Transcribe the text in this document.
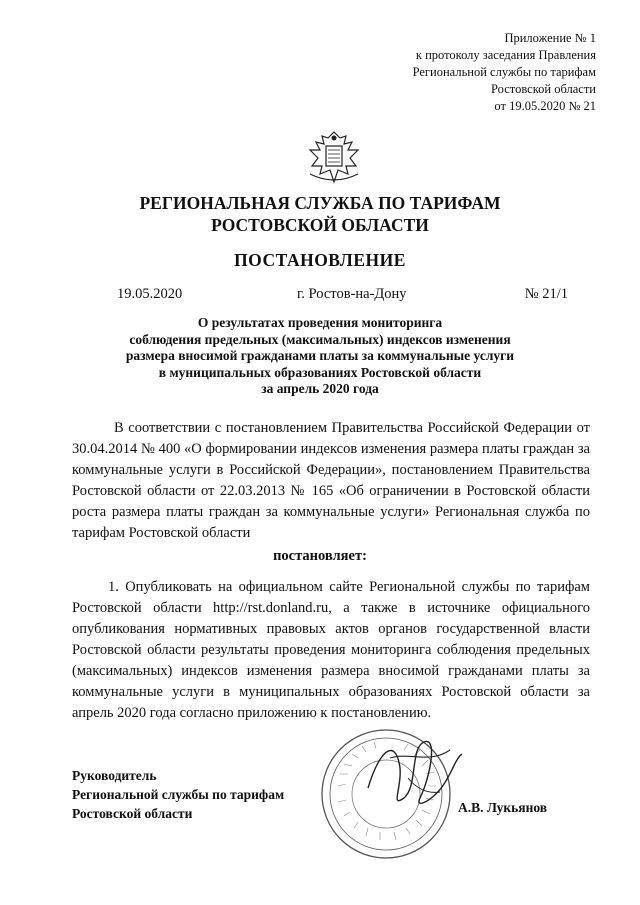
Приложение № 1
к протоколу заседания Правления
Региональной службы по тарифам
Ростовской области
от 19.05.2020 № 21
РЕГИОНАЛЬНАЯ СЛУЖБА ПО ТАРИФАМ
РОСТОВСКОЙ ОБЛАСТИ
ПОСТАНОВЛЕНИЕ
19.05.2020	г. Ростов-на-Дону	№ 21/1
О результатах проведения мониторинга
соблюдения предельных (максимальных) индексов изменения
размера вносимой гражданами платы за коммунальные услуги
в муниципальных образованиях Ростовской области
за апрель 2020 года
В соответствии с постановлением Правительства Российской Федерации от 30.04.2014 № 400 «О формировании индексов изменения размера платы граждан за коммунальные услуги в Российской Федерации», постановлением Правительства Ростовской области от 22.03.2013 № 165 «Об ограничении в Ростовской области роста размера платы граждан за коммунальные услуги» Региональная служба по тарифам Ростовской области
постановляет:
1. Опубликовать на официальном сайте Региональной службы по тарифам Ростовской области http://rst.donland.ru, а также в источнике официального опубликования нормативных правовых актов органов государственной власти Ростовской области результаты проведения мониторинга соблюдения предельных (максимальных) индексов изменения размера вносимой гражданами платы за коммунальные услуги в муниципальных образованиях Ростовской области за апрель 2020 года согласно приложению к постановлению.
Руководитель
Региональной службы по тарифам
Ростовской области	А.В. Лукьянов
